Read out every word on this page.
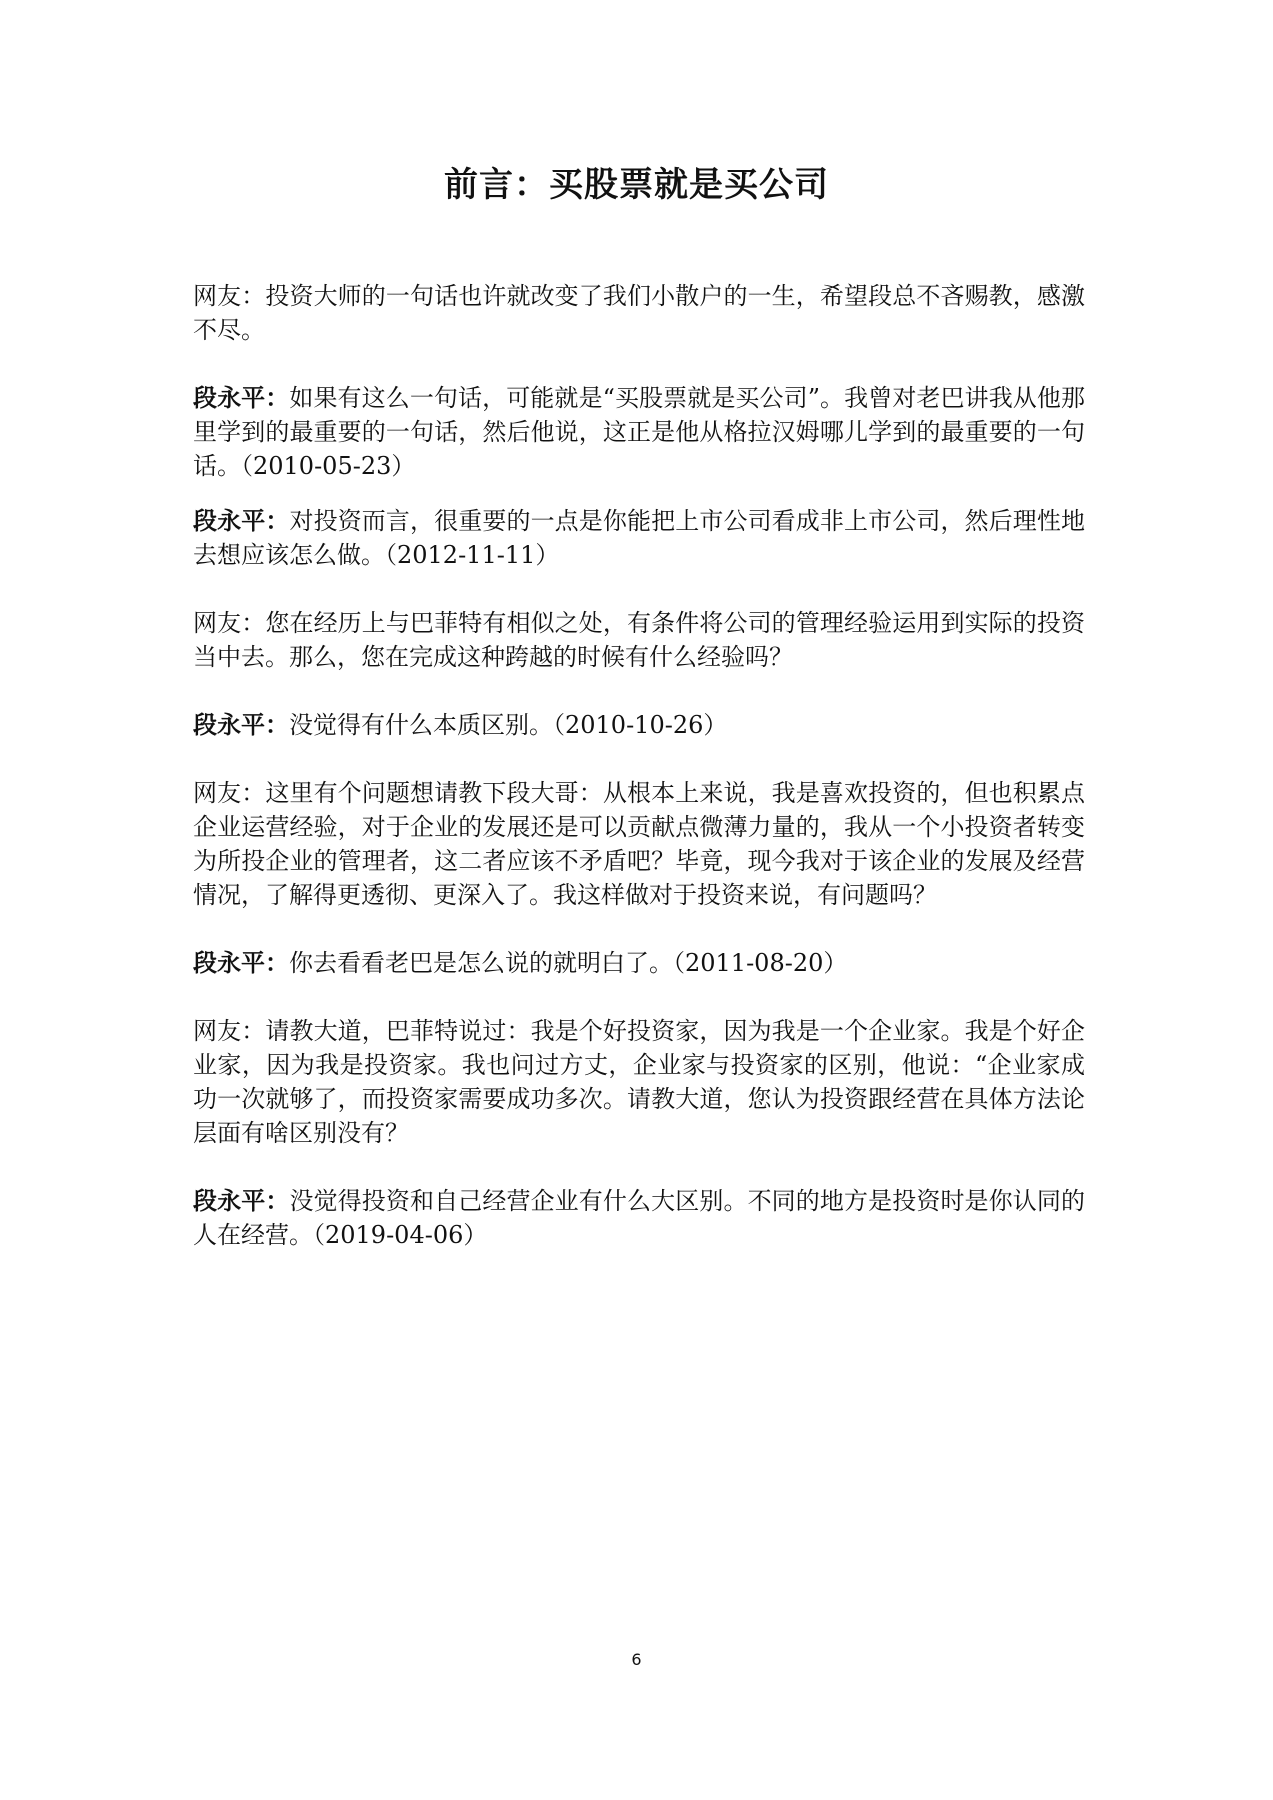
前言：买股票就是买公司

网友：投资大师的一句话也许就改变了我们小散户的一生，希望段总不吝赐教，感激不尽。

段永平：如果有这么一句话，可能就是“买股票就是买公司”。我曾对老巴讲我从他那里学到的最重要的一句话，然后他说，这正是他从格拉汉姆哪儿学到的最重要的一句话。（2010-05-23）

段永平：对投资而言，很重要的一点是你能把上市公司看成非上市公司，然后理性地去想应该怎么做。（2012-11-11）

网友：您在经历上与巴菲特有相似之处，有条件将公司的管理经验运用到实际的投资当中去。那么，您在完成这种跨越的时候有什么经验吗？

段永平：没觉得有什么本质区别。（2010-10-26）

网友：这里有个问题想请教下段大哥：从根本上来说，我是喜欢投资的，但也积累点企业运营经验，对于企业的发展还是可以贡献点微薄力量的，我从一个小投资者转变为所投企业的管理者，这二者应该不矛盾吧？毕竟，现今我对于该企业的发展及经营情况，了解得更透彻、更深入了。我这样做对于投资来说，有问题吗？

段永平：你去看看老巴是怎么说的就明白了。（2011-08-20）

网友：请教大道，巴菲特说过：我是个好投资家，因为我是一个企业家。我是个好企业家，因为我是投资家。我也问过方丈，企业家与投资家的区别，他说：“企业家成功一次就够了，而投资家需要成功多次。请教大道，您认为投资跟经营在具体方法论层面有啥区别没有？

段永平：没觉得投资和自己经营企业有什么大区别。不同的地方是投资时是你认同的人在经营。（2019-04-06）

6
